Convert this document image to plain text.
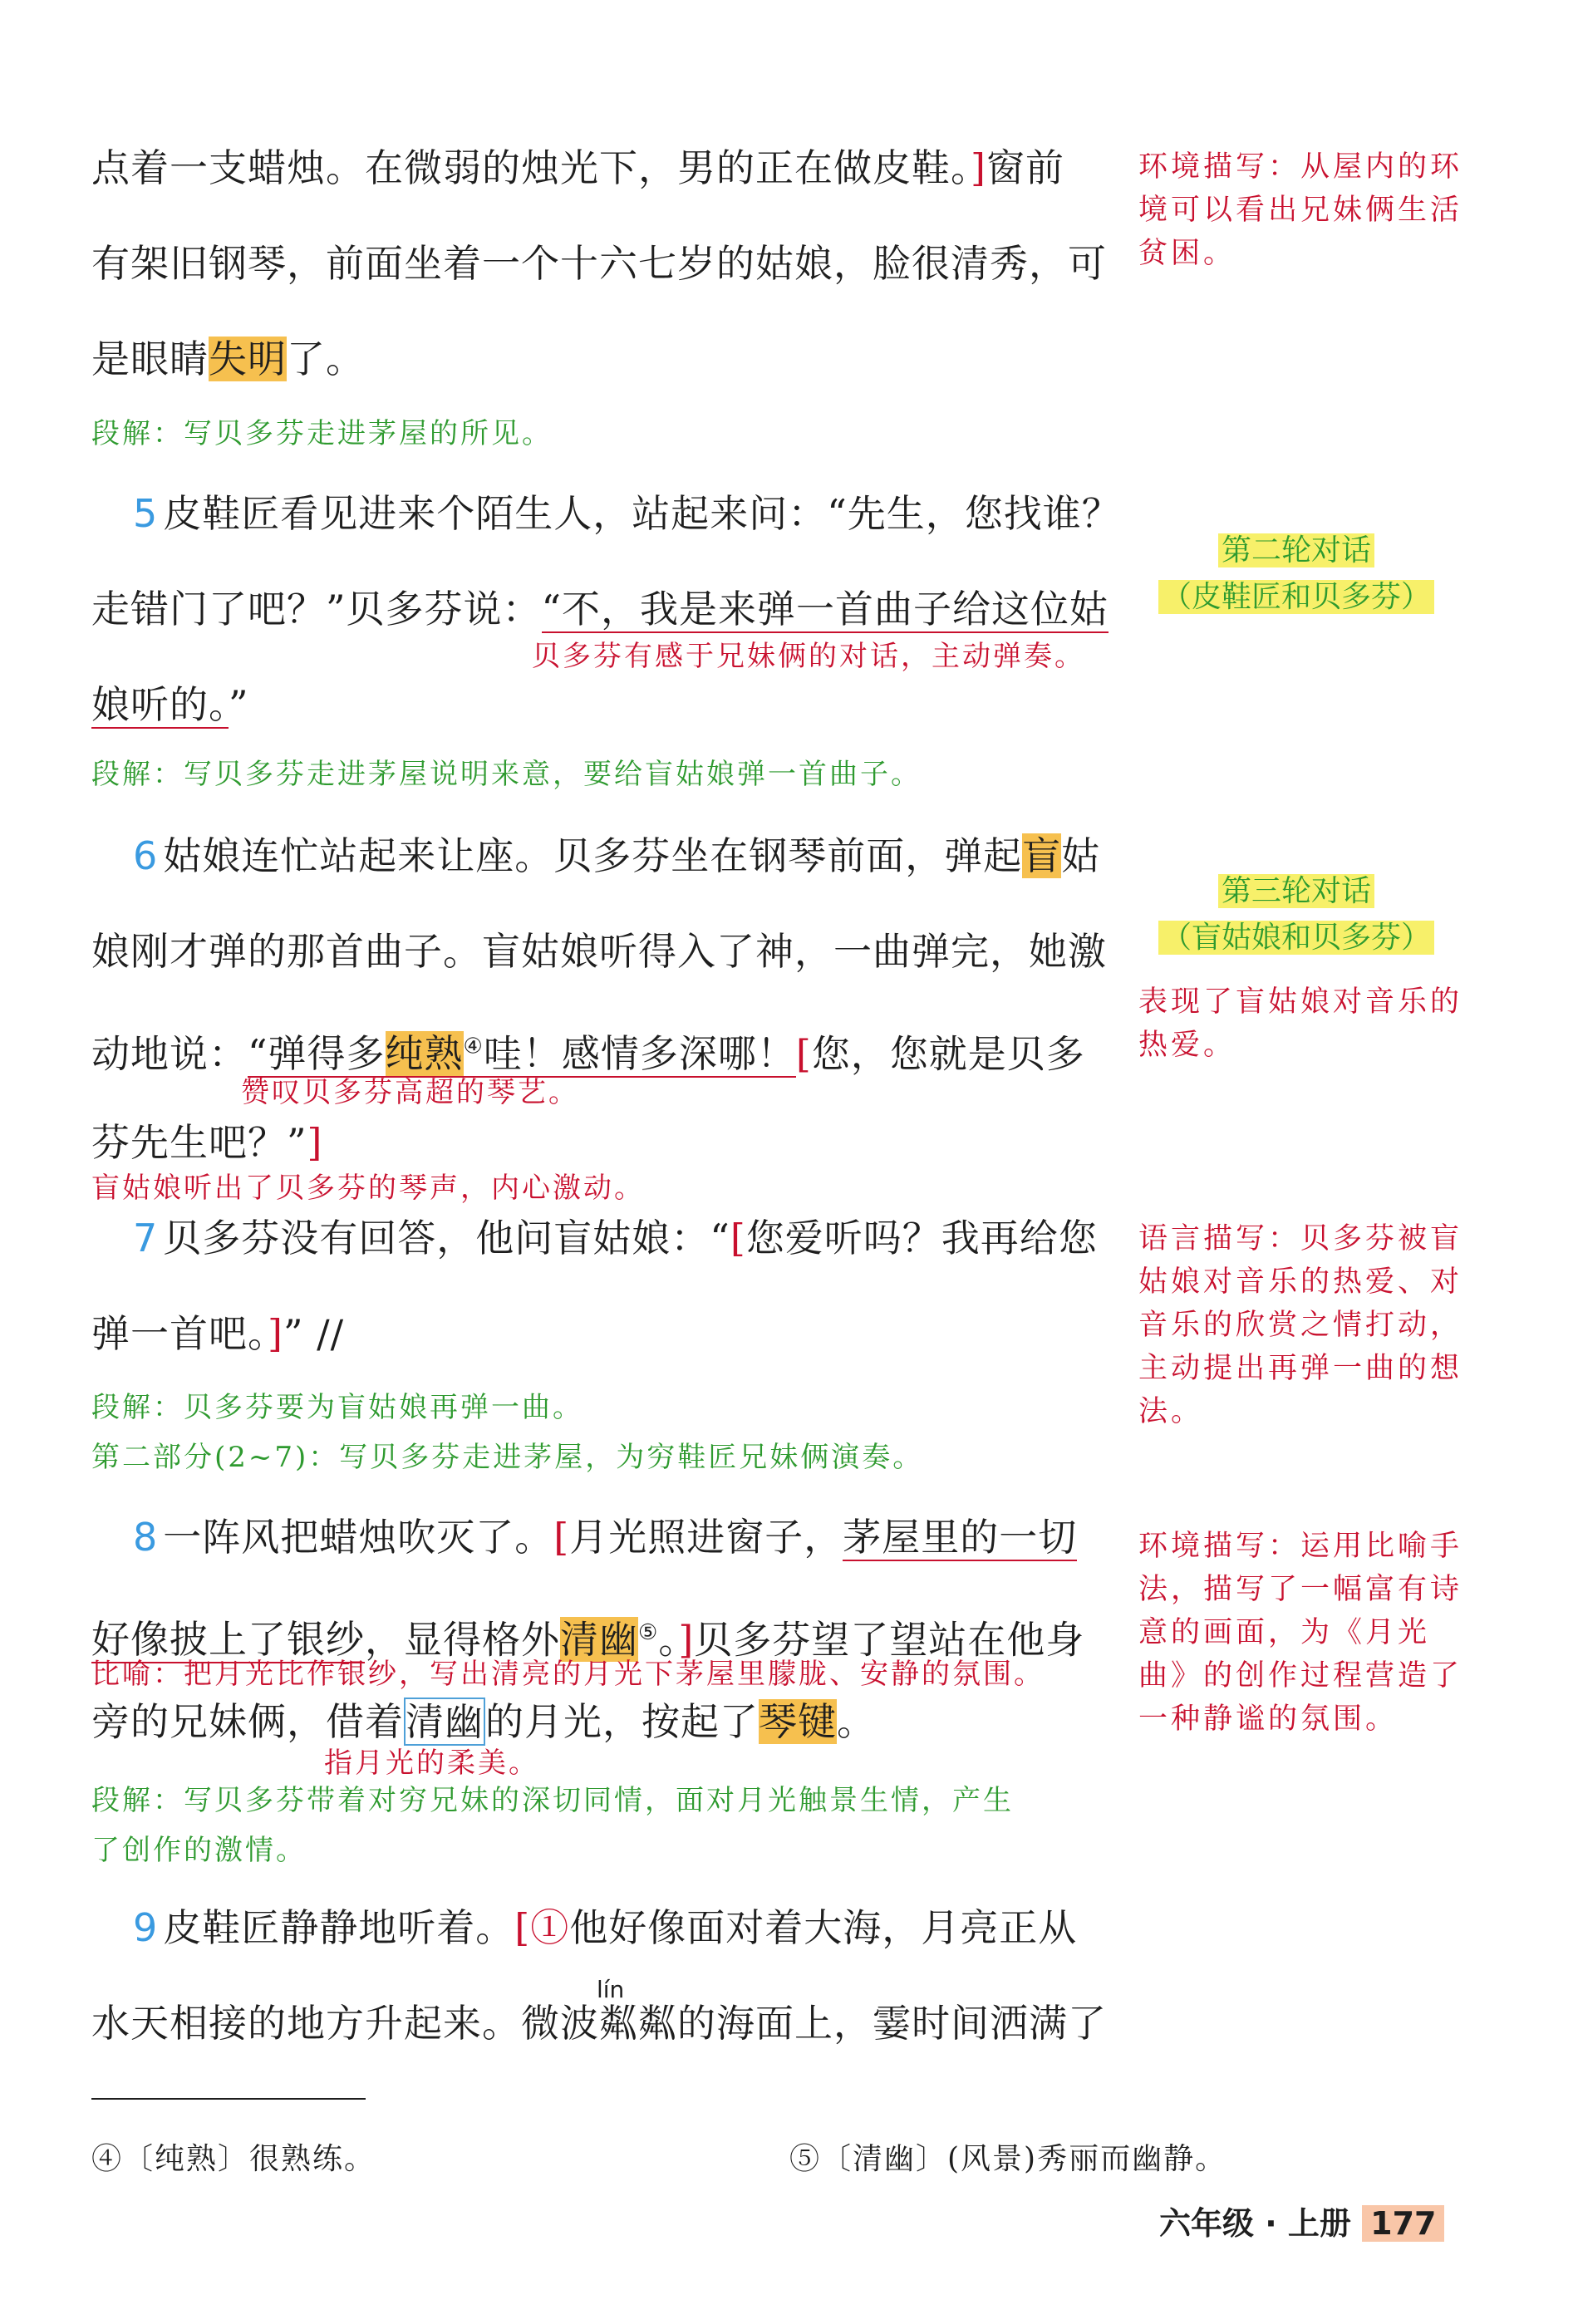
点着一支蜡烛。在微弱的烛光下，男的正在做皮鞋。]窗前
有架旧钢琴，前面坐着一个十六七岁的姑娘，脸很清秀，可
是眼睛失明了。
段解：写贝多芬走进茅屋的所见。
5 皮鞋匠看见进来个陌生人，站起来问：“先生，您找谁？
走错门了吧？”贝多芬说：“不，我是来弹一首曲子给这位姑
贝多芬有感于兄妹俩的对话，主动弹奏。
娘听的。”
段解：写贝多芬走进茅屋说明来意，要给盲姑娘弹一首曲子。
6 姑娘连忙站起来让座。贝多芬坐在钢琴前面，弹起盲姑
娘刚才弹的那首曲子。盲姑娘听得入了神，一曲弹完，她激
动地说：“弹得多纯熟④哇！感情多深哪！[您，您就是贝多
赞叹贝多芬高超的琴艺。
芬先生吧？”]
盲姑娘听出了贝多芬的琴声，内心激动。
7 贝多芬没有回答，他问盲姑娘：“[您爱听吗？我再给您
弹一首吧。]” //
段解：贝多芬要为盲姑娘再弹一曲。
第二部分(2~7)：写贝多芬走进茅屋，为穷鞋匠兄妹俩演奏。
8 一阵风把蜡烛吹灭了。[月光照进窗子，茅屋里的一切
好像披上了银纱，显得格外清幽⑤。]贝多芬望了望站在他身
比喻：把月光比作银纱，写出清亮的月光下茅屋里朦胧、安静的氛围。
旁的兄妹俩，借着清幽的月光，按起了琴键。
指月光的柔美。
段解：写贝多芬带着对穷兄妹的深切同情，面对月光触景生情，产生
了创作的激情。
9 皮鞋匠静静地听着。[①他好像面对着大海，月亮正从
lín
水天相接的地方升起来。微波粼粼的海面上，霎时间洒满了
环境描写：从屋内的环境可以看出兄妹俩生活贫困。
第二轮对话
（皮鞋匠和贝多芬）
第三轮对话
（盲姑娘和贝多芬）
表现了盲姑娘对音乐的热爱。
语言描写：贝多芬被盲姑娘对音乐的热爱、对音乐的欣赏之情打动，主动提出再弹一曲的想法。
环境描写：运用比喻手法，描写了一幅富有诗意的画面，为《月光曲》的创作过程营造了一种静谧的氛围。
④〔纯熟〕很熟练。	⑤〔清幽〕(风景)秀丽而幽静。
六年级 · 上册 177
